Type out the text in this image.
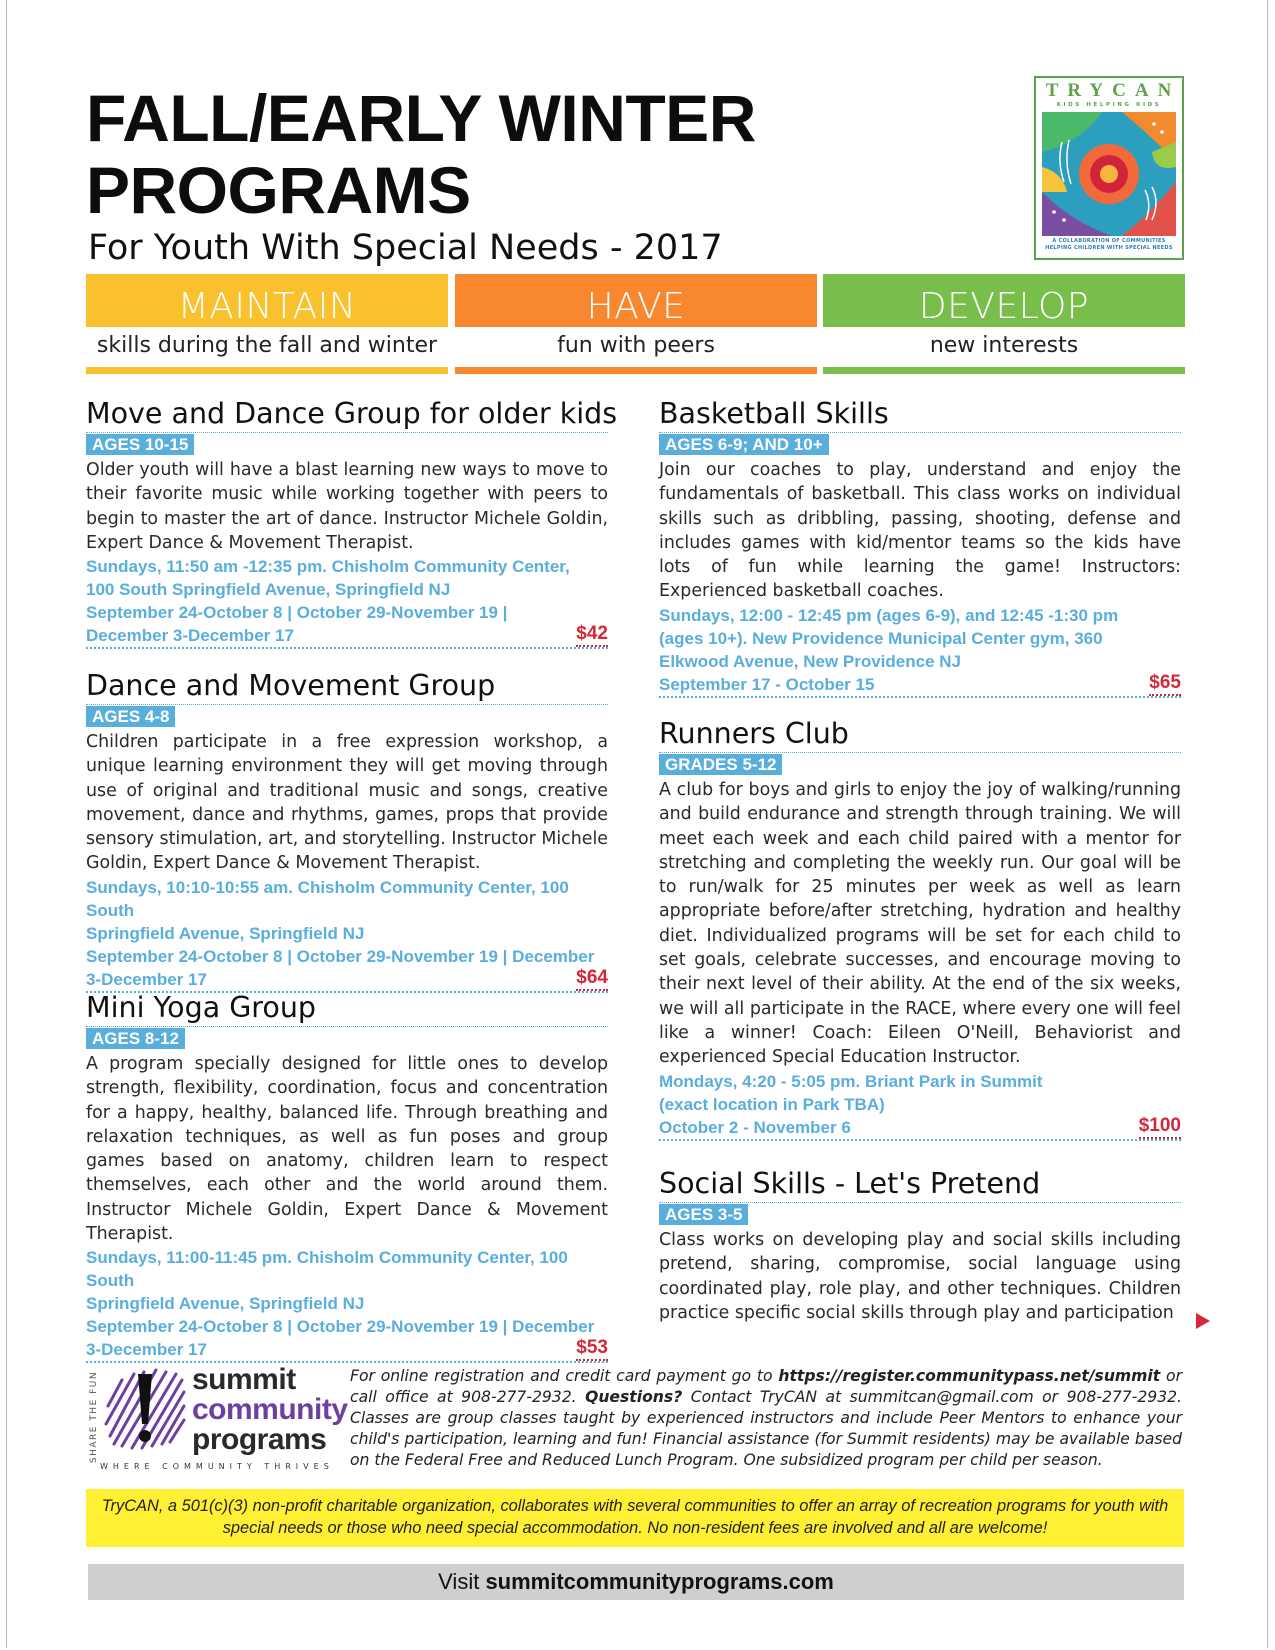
FALL/EARLY WINTER
PROGRAMS

For Youth With Special Needs - 2017

TRYCAN
KIDS HELPING KIDS
A COLLABORATION OF COMMUNITIES HELPING CHILDREN WITH SPECIAL NEEDS
MAINTAIN
skills during the fall and winter
HAVE
fun with peers
DEVELOP
new interests
Move and Dance Group for older kids
AGES 10-15

Older youth will have a blast learning new ways to move to their favorite music while working together with peers to begin to master the art of dance. Instructor Michele Goldin, Expert Dance & Movement Therapist.

Sundays, 11:50 am -12:35 pm. Chisholm Community Center,

100 South Springfield Avenue, Springfield NJ

September 24-October 8 | October 29-November 19 |

December 3-December 17	$42
Dance and Movement Group
AGES 4-8

Children participate in a free expression workshop, a unique learning environment they will get moving through use of original and traditional music and songs, creative movement, dance and rhythms, games, props that provide sensory stimulation, art, and storytelling. Instructor Michele Goldin, Expert Dance & Movement Therapist.

Sundays, 10:10-10:55 am. Chisholm Community Center, 100 South

Springfield Avenue, Springfield NJ

September 24-October 8 | October 29-November 19 | December

3-December 17	$64
Mini Yoga Group
AGES 8-12

A program specially designed for little ones to develop strength, flexibility, coordination, focus and concentration for a happy, healthy, balanced life. Through breathing and relaxation techniques, as well as fun poses and group games based on anatomy, children learn to respect themselves, each other and the world around them. Instructor Michele Goldin, Expert Dance & Movement Therapist.

Sundays, 11:00-11:45 pm. Chisholm Community Center, 100 South

Springfield Avenue, Springfield NJ

September 24-October 8 | October 29-November 19 | December

3-December 17	$53
Basketball Skills
AGES 6-9; AND 10+

Join our coaches to play, understand and enjoy the fundamentals of basketball. This class works on individual skills such as dribbling, passing, shooting, defense and includes games with kid/mentor teams so the kids have lots of fun while learning the game! Instructors: Experienced basketball coaches.

Sundays, 12:00 - 12:45 pm (ages 6-9), and 12:45 -1:30 pm

(ages 10+). New Providence Municipal Center gym, 360

Elkwood Avenue, New Providence NJ

September 17 - October 15	$65
Runners Club
GRADES 5-12

A club for boys and girls to enjoy the joy of walking/running and build endurance and strength through training. We will meet each week and each child paired with a mentor for stretching and completing the weekly run. Our goal will be to run/walk for 25 minutes per week as well as learn appropriate before/after stretching, hydration and healthy diet. Individualized programs will be set for each child to set goals, celebrate successes, and encourage moving to their next level of their ability. At the end of the six weeks, we will all participate in the RACE, where every one will feel like a winner! Coach: Eileen O'Neill, Behaviorist and experienced Special Education Instructor.

Mondays, 4:20 - 5:05 pm. Briant Park in Summit

(exact location in Park TBA)

October 2 - November 6	$100
Social Skills - Let's Pretend
AGES 3-5

Class works on developing play and social skills including pretend, sharing, compromise, social language using coordinated play, role play, and other techniques. Children practice specific social skills through play and participation

SHARE THE FUN	summit
community
programs
WHERE COMMUNITY THRIVES

For online registration and credit card payment go to https://register.communitypass.net/summit or call office at 908-277-2932. Questions? Contact TryCAN at summitcan@gmail.com or 908-277-2932. Classes are group classes taught by experienced instructors and include Peer Mentors to enhance your child's participation, learning and fun! Financial assistance (for Summit residents) may be available based on the Federal Free and Reduced Lunch Program. One subsidized program per child per season.

TryCAN, a 501(c)(3) non-profit charitable organization, collaborates with several communities to offer an array of recreation programs for youth with special needs or those who need special accommodation. No non-resident fees are involved and all are welcome!

Visit summitcommunityprograms.com
